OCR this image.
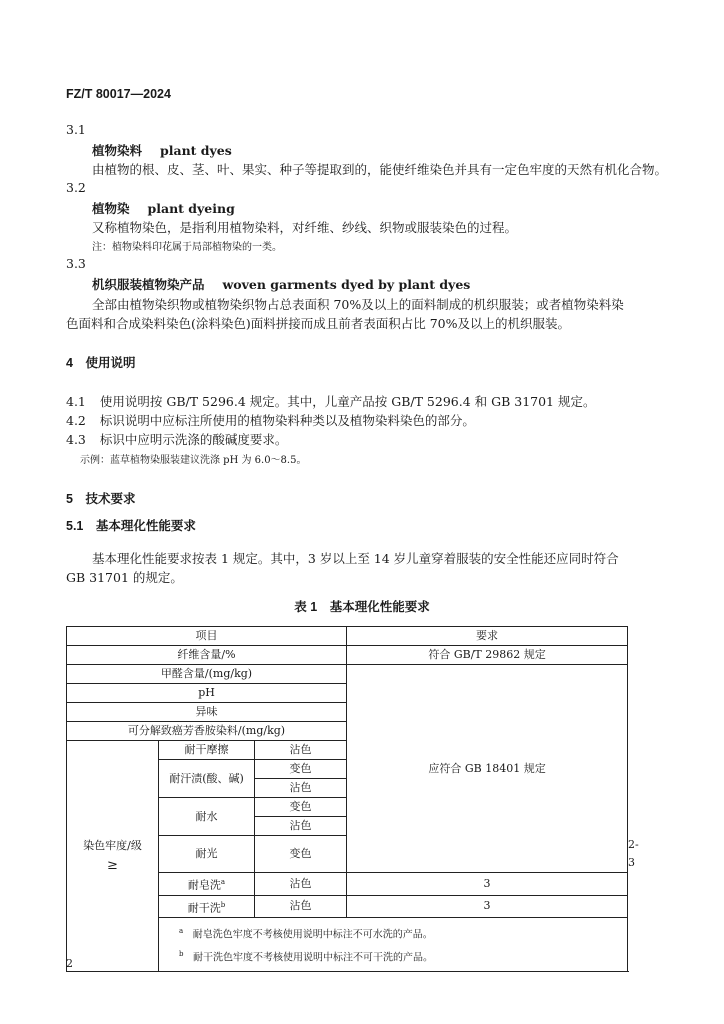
FZ/T 80017—2024
3.1
植物染料 plant dyes
由植物的根、皮、茎、叶、果实、种子等提取到的，能使纤维染色并具有一定色牢度的天然有机化合物。
3.2
植物染 plant dyeing
又称植物染色，是指利用植物染料，对纤维、纱线、织物或服装染色的过程。
注：植物染料印花属于局部植物染的一类。
3.3
机织服装植物染产品 woven garments dyed by plant dyes
全部由植物染织物或植物染织物占总表面积 70%及以上的面料制成的机织服装；或者植物染料染
色面料和合成染料染色(涂料染色)面料拼接而成且前者表面积占比 70%及以上的机织服装。
4　使用说明
4.1 使用说明按 GB/T 5296.4 规定。其中，儿童产品按 GB/T 5296.4 和 GB 31701 规定。
4.2 标识说明中应标注所使用的植物染料种类以及植物染料染色的部分。
4.3 标识中应明示洗涤的酸碱度要求。
示例：蓝草植物染服装建议洗涤 pH 为 6.0～8.5。
5　技术要求
5.1　基本理化性能要求
基本理化性能要求按表 1 规定。其中，3 岁以上至 14 岁儿童穿着服装的安全性能还应同时符合
GB 31701 的规定。
表 1　基本理化性能要求
项目			要求	
纤维含量/%			符合 GB/T 29862 规定	
甲醛含量/(mg/kg)			应符合 GB 18401 规定	
pH				
异味				
可分解致癌芳香胺染料/(mg/kg)				

染色牢度/级
≥	耐干摩擦	沾色		
	耐汗渍(酸、碱)	变色		
		沾色		
	耐水	变色		
		沾色		
	耐光	变色		2-3
	耐皂洗$^a$	沾色	3	
	耐干洗$^b$	沾色	3	

	$^a$ 耐皂洗色牢度不考核使用说明中标注不可水洗的产品。
$^b$ 耐干洗色牢度不考核使用说明中标注不可干洗的产品。			
2
